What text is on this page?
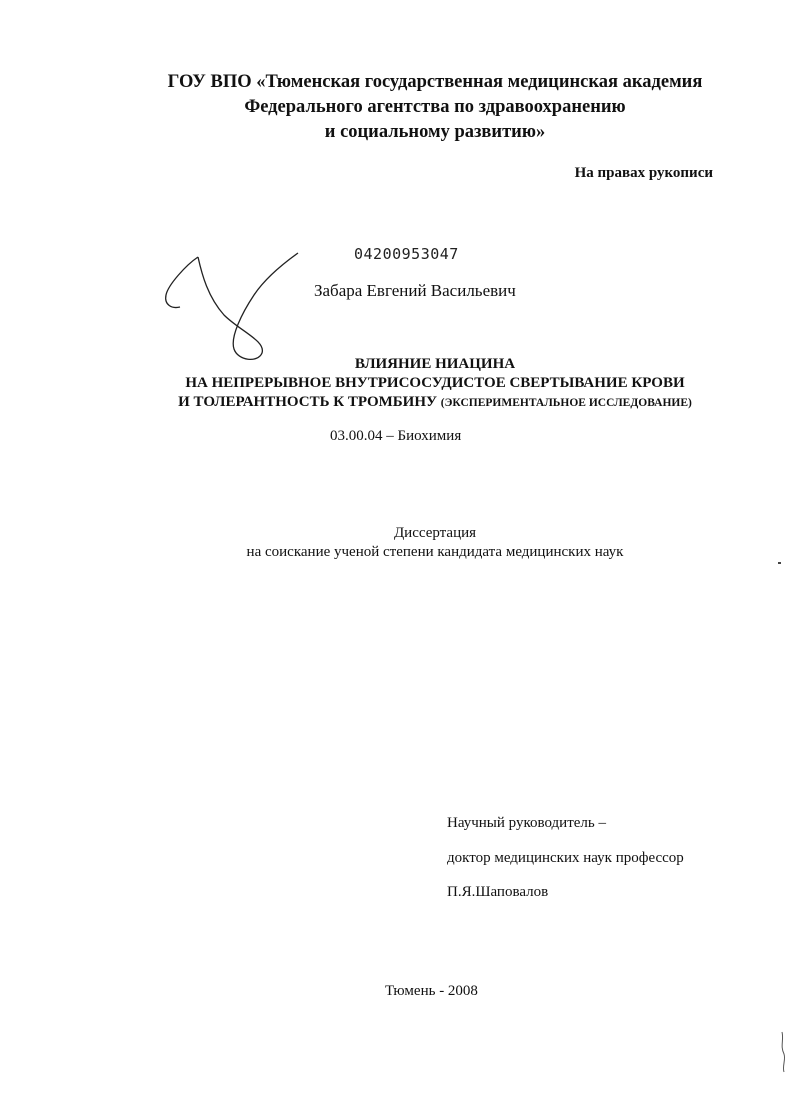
ГОУ ВПО «Тюменская государственная медицинская академия
Федерального агентства по здравоохранению
и социальному развитию»
На правах рукописи
04200953047
Забара Евгений Васильевич
ВЛИЯНИЕ НИАЦИНА
НА НЕПРЕРЫВНОЕ ВНУТРИСОСУДИСТОЕ СВЕРТЫВАНИЕ КРОВИ
И ТОЛЕРАНТНОСТЬ К ТРОМБИНУ (ЭКСПЕРИМЕНТАЛЬНОЕ ИССЛЕДОВАНИЕ)
03.00.04 – Биохимия
Диссертация
на соискание ученой степени кандидата медицинских наук
Научный руководитель –
доктор медицинских наук профессор
П.Я.Шаповалов
Тюмень - 2008
